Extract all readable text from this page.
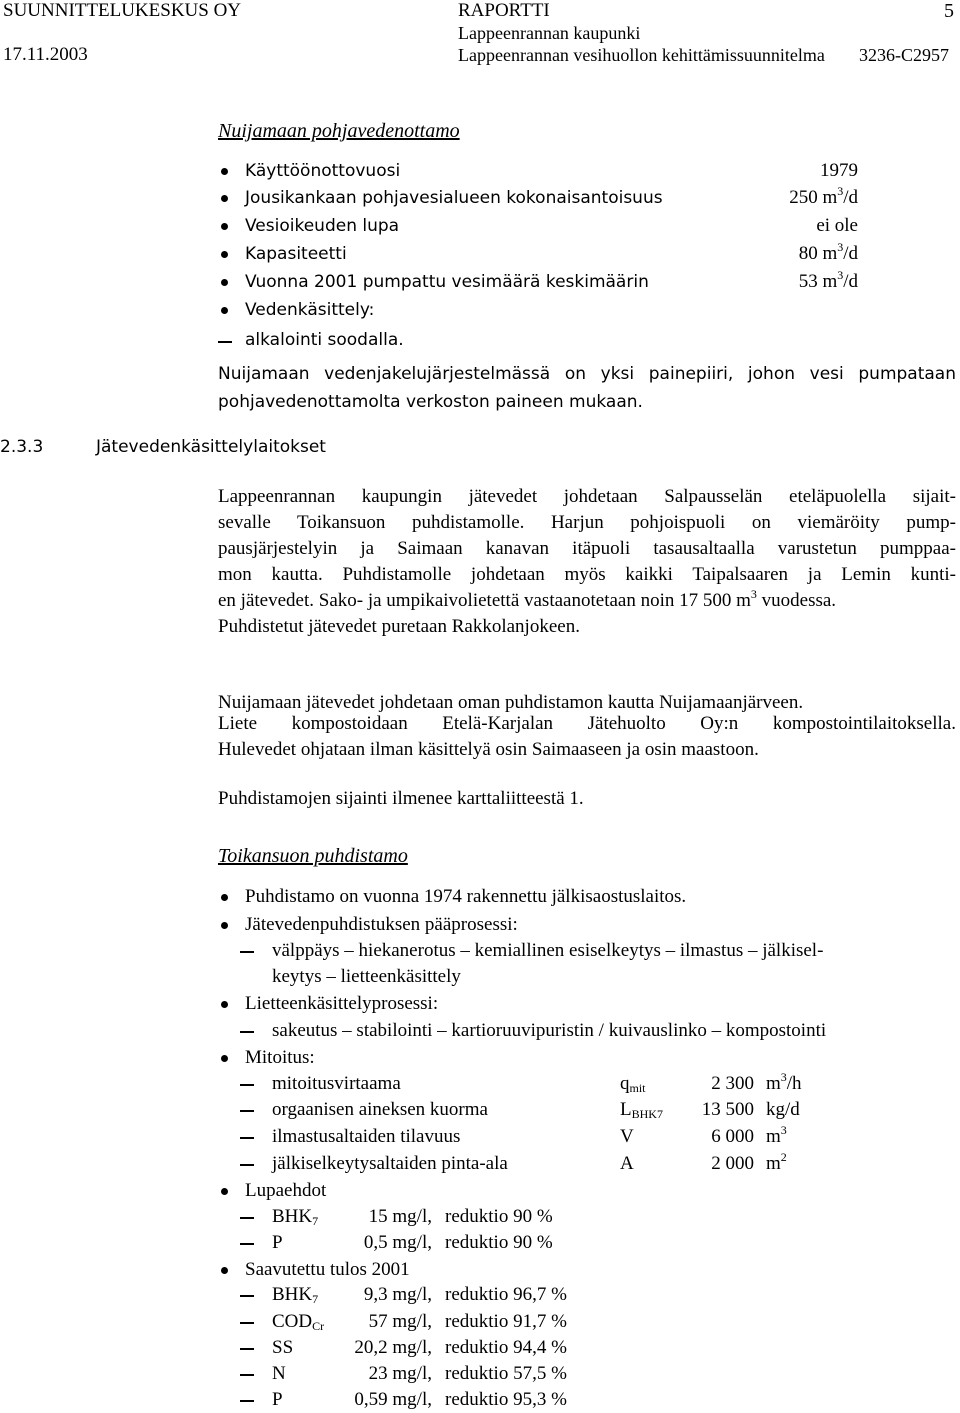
SUUNNITTELUKESKUS OY
17.11.2003
RAPORTTI
Lappeenrannan kaupunki
Lappeenrannan vesihuollon kehittämissuunnitelma 3236-C2957
5
Nuijamaan pohjavedenottamo
Käyttöönottovuosi	1979
Jousikankaan pohjavesialueen kokonaisantoisuus	250 $m^3/d$
Vesioikeuden lupa	ei ole
Kapasiteetti	80 $m^3/d$
Vuonna 2001 pumpattu vesimäärä keskimäärin	53 $m^3/d$
Vedenkäsittely:
alkalointi soodalla.
Nuijamaan vedenjakelujärjestelmässä on yksi painepiiri, johon vesi pumpataan pohjavedenottamolta verkoston paineen mukaan.
2.3.3	Jätevedenkäsittelylaitokset
Lappeenrannan kaupungin jätevedet johdetaan Salpausselän eteläpuolella sijait-
sevalle Toikansuon puhdistamolle. Harjun pohjoispuoli on viemäröity pump-
pausjärjestelyin ja Saimaan kanavan itäpuoli tasausaltaalla varustetun pumppaa-
mon kautta. Puhdistamolle johdetaan myös kaikki Taipalsaaren ja Lemin kunti-
en jätevedet. Sako- ja umpikaivolietettä vastaanotetaan noin 17 500 $m^3$ vuodessa.
Puhdistetut jätevedet puretaan Rakkolanjokeen.
Nuijamaan jätevedet johdetaan oman puhdistamon kautta Nuijamaanjärveen.
Liete kompostoidaan Etelä-Karjalan Jätehuolto Oy:n kompostointilaitoksella.
Hulevedet ohjataan ilman käsittelyä osin Saimaaseen ja osin maastoon.
Puhdistamojen sijainti ilmenee karttaliitteestä 1.
Toikansuon puhdistamo
Puhdistamo on vuonna 1974 rakennettu jälkisaostuslaitos.
Jätevedenpuhdistuksen pääprosessi:
välppäys – hiekanerotus – kemiallinen esiselkeytys – ilmastus – jälkisel-
keytys – lietteenkäsittely
Lietteenkäsittelyprosessi:
sakeutus – stabilointi – kartioruuvipuristin / kuivauslinko – kompostointi
Mitoitus:
mitoitusvirtaama	$q_{mit}$	2 300 $m^3/h$
orgaanisen aineksen kuorma	$L_{BHK7}$ 13 500 kg/d
ilmastusaltaiden tilavuus	V	6 000 $m^3$
jälkiselkeytysaltaiden pinta-ala	A	2 000 $m^2$
Lupaehdot
$BHK_7$	15 mg/l, reduktio 90 %
P	0,5 mg/l, reduktio 90 %
Saavutettu tulos 2001
$BHK_7$ 9,3 mg/l, reduktio 96,7 %
$COD_{Cr}$ 57 mg/l, reduktio 91,7 %
SS	20,2 mg/l, reduktio 94,4 %
N	23 mg/l, reduktio 57,5 %
P	0,59 mg/l, reduktio 95,3 %
